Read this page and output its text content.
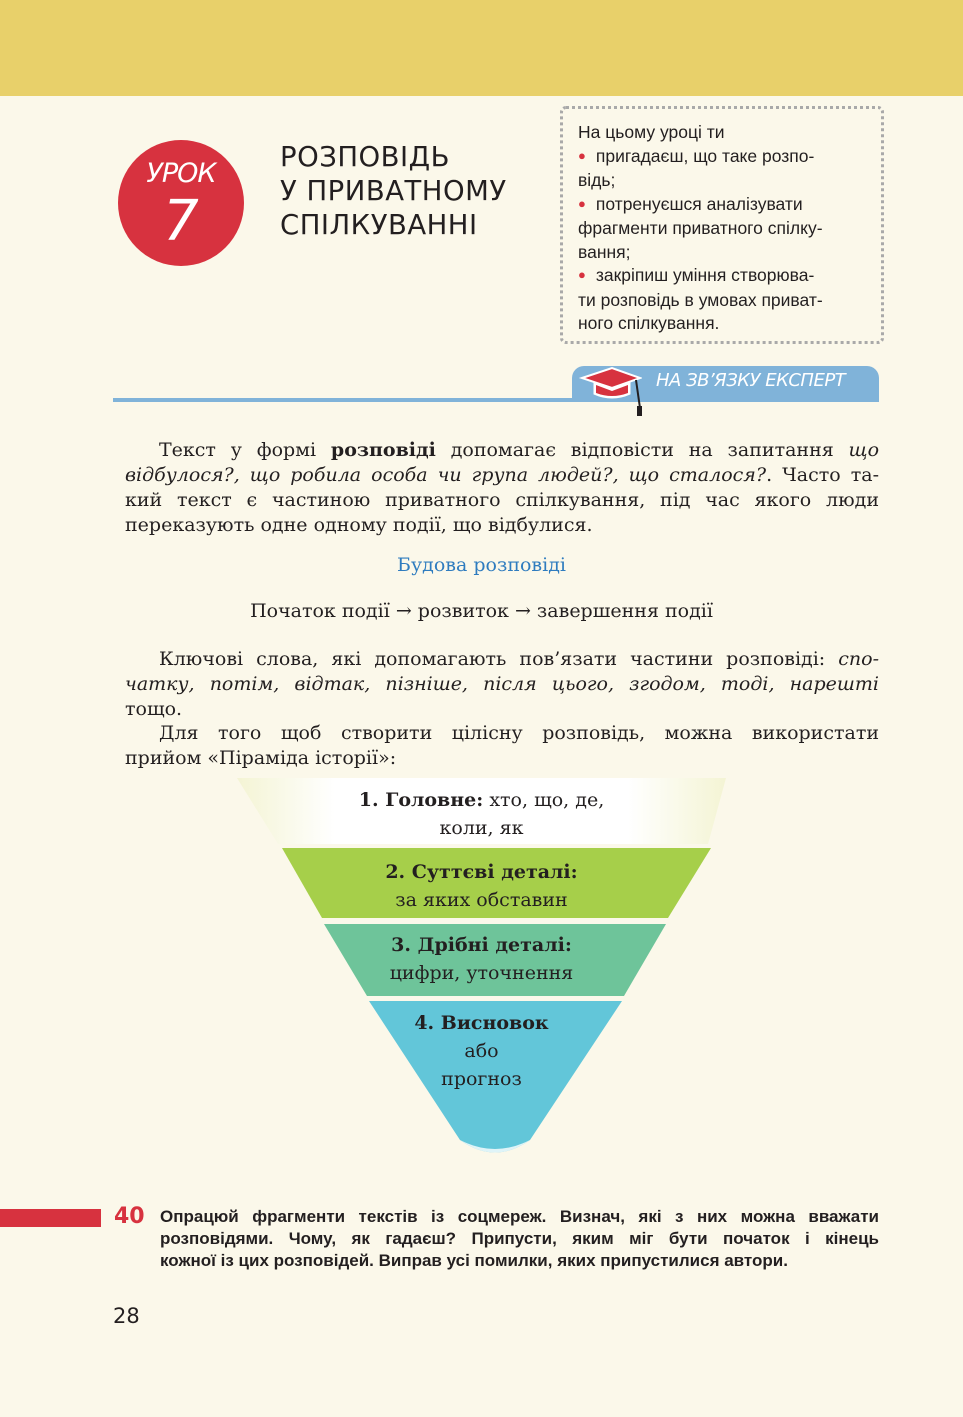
УРОК
7
РОЗПОВІДЬ
У ПРИВАТНОМУ
СПІЛКУВАННІ
На цьому уроці ти
● пригадаєш, що таке розпо-
відь;
● потренуєшся аналізувати
фрагменти приватного спілку-
вання;
● закріпиш уміння створюва-
ти розповідь в умовах приват-
ного спілкування.
НА ЗВ’ЯЗКУ ЕКСПЕРТ
Текст у формі розповіді допомагає відповісти на запитання що
відбулося?, що робила особа чи група людей?, що сталося?. Часто та-
кий текст є частиною приватного спілкування, під час якого люди
переказують одне одному події, що відбулися.
Будова розповіді
Початок події → розвиток → завершення події
Ключові слова, які допомагають пов’язати частини розповіді: спо-
чатку, потім, відтак, пізніше, після цього, згодом, тоді, нарешті
тощо.
Для того щоб створити цілісну розповідь, можна використати
прийом «Піраміда історії»:
1. Головне: хто, що, де,
коли, як
2. Суттєві деталі:
за яких обставин
3. Дрібні деталі:
цифри, уточнення
4. Висновок
або
прогноз
40 Опрацюй фрагменти текстів із соцмереж. Визнач, які з них можна вважати
розповідями. Чому, як гадаєш? Припусти, яким міг бути початок і кінець
кожної із цих розповідей. Виправ усі помилки, яких припустилися автори.
28
